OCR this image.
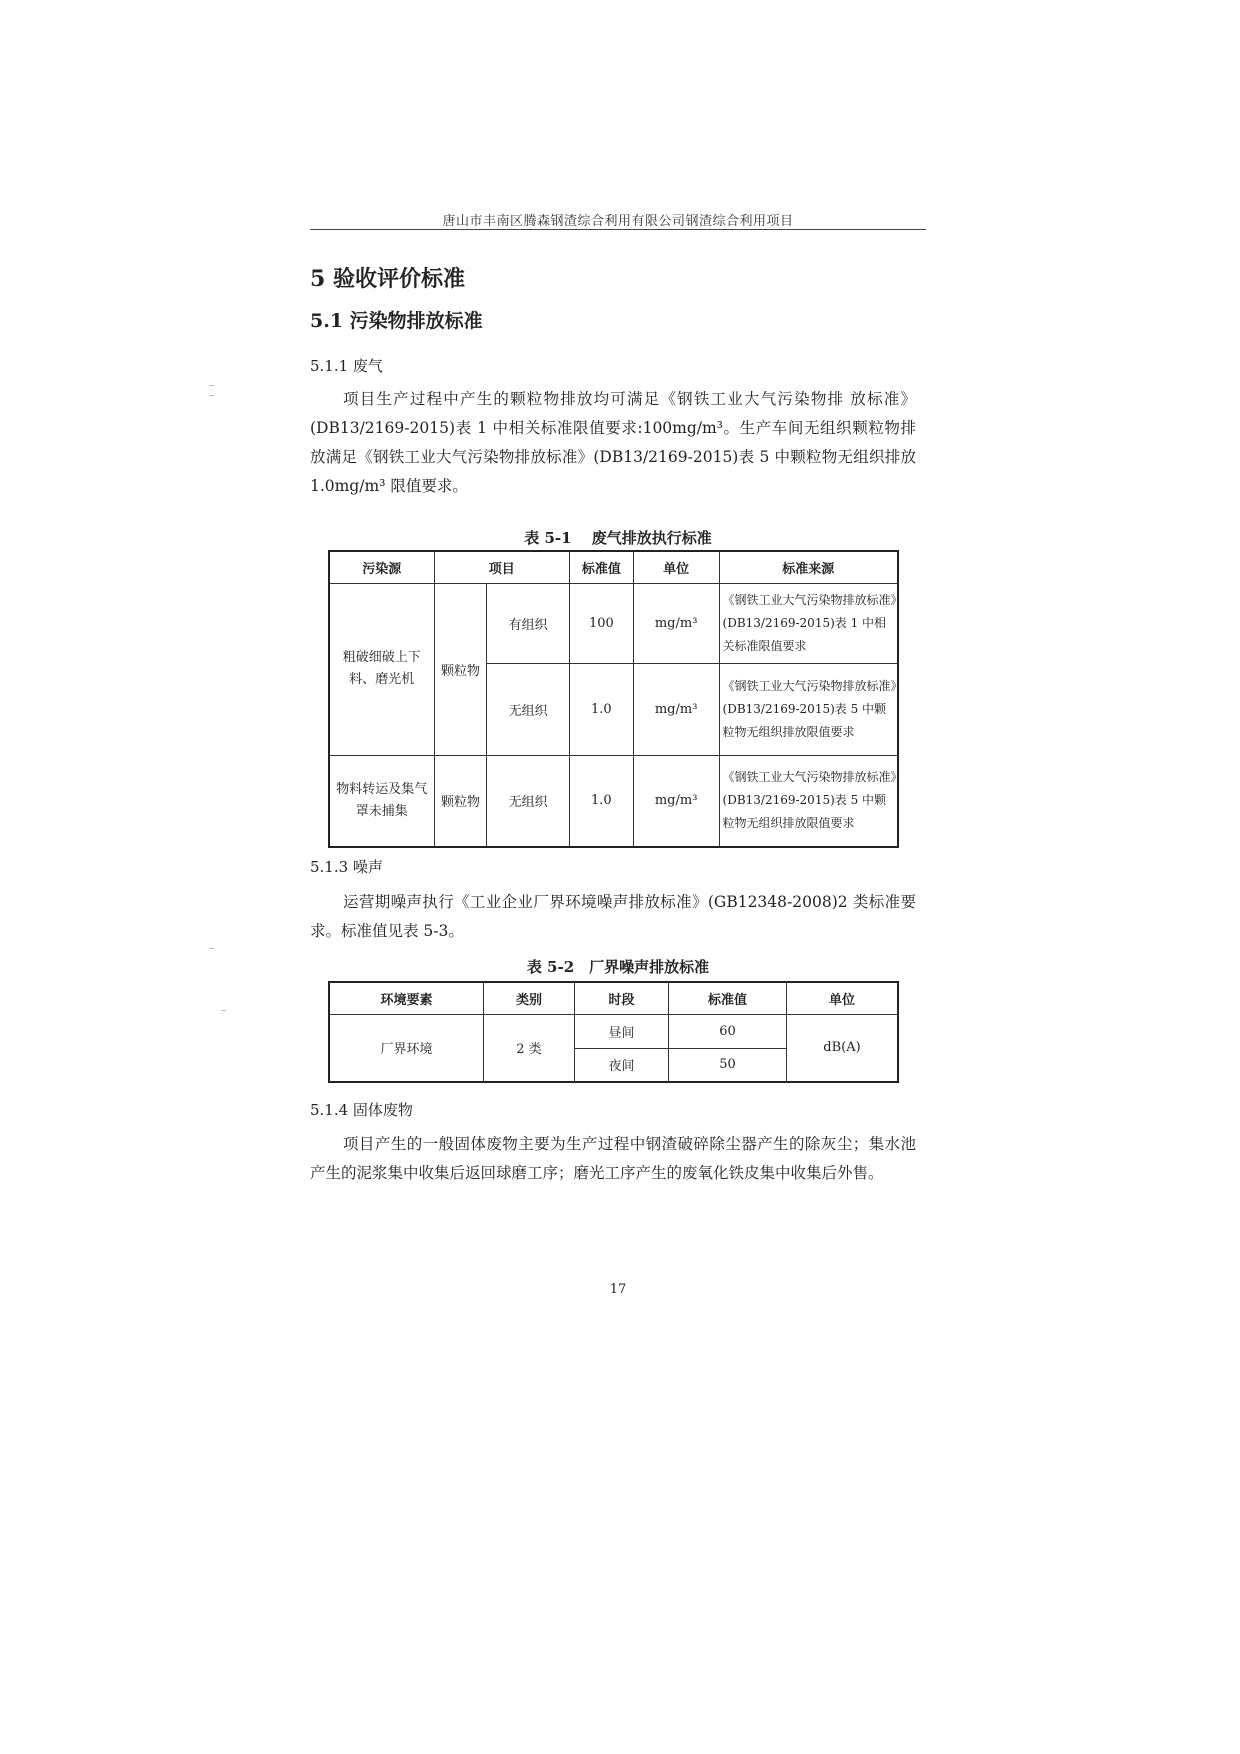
唐山市丰南区腾森钢渣综合利用有限公司钢渣综合利用项目
5 验收评价标准
5.1 污染物排放标准
5.1.1 废气
项目生产过程中产生的颗粒物排放均可满足《钢铁工业大气污染物排 放标准》(DB13/2169-2015)表 1 中相关标准限值要求:100mg/m³。生产车间无组织颗粒物排放满足《钢铁工业大气污染物排放标准》(DB13/2169-2015)表 5 中颗粒物无组织排放 1.0mg/m³ 限值要求。
表 5-1　 废气排放执行标准
污染源	项目		标准值	单位	标准来源
粗破细破上下料、磨光机	颗粒物	有组织	100	mg/m³	《钢铁工业大气污染物排放标准》(DB13/2169-2015)表 1 中相关标准限值要求
		无组织	1.0	mg/m³	《钢铁工业大气污染物排放标准》(DB13/2169-2015)表 5 中颗 粒物无组织排放限值要求
物料转运及集气罩未捕集	颗粒物	无组织	1.0	mg/m³	《钢铁工业大气污染物排放标准》(DB13/2169-2015)表 5 中颗 粒物无组织排放限值要求
5.1.3 噪声
运营期噪声执行《工业企业厂界环境噪声排放标准》(GB12348-2008)2 类标准要求。标准值见表 5-3。
表 5-2　厂界噪声排放标准
环境要素	类别	时段	标准值	单位
厂界环境	2 类	昼间	60	dB(A)
		夜间	50	
5.1.4 固体废物
项目产生的一般固体废物主要为生产过程中钢渣破碎除尘器产生的除灰尘；集水池产生的泥浆集中收集后返回球磨工序；磨光工序产生的废氧化铁皮集中收集后外售。
17
